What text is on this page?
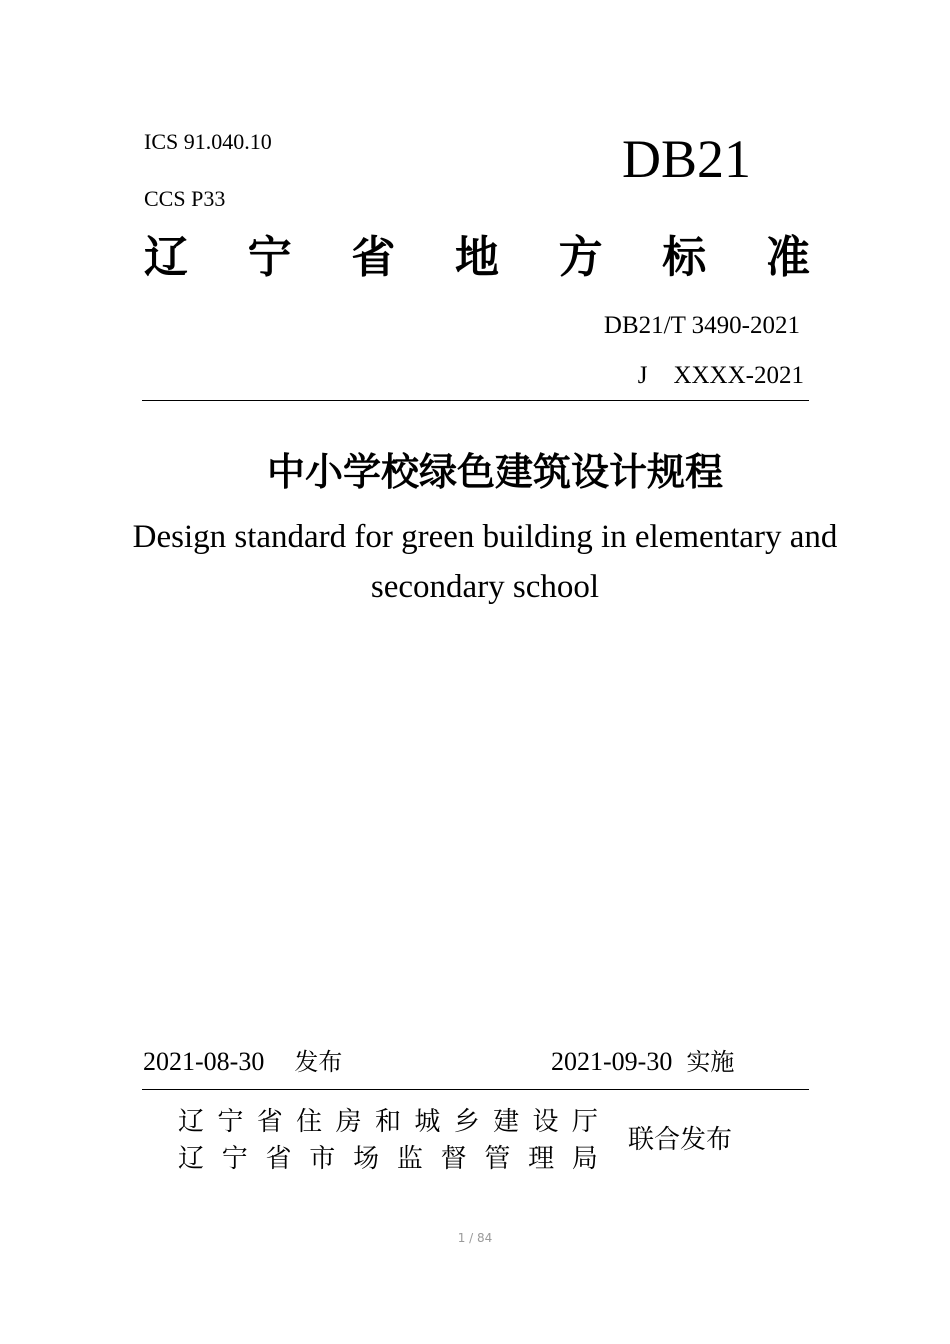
ICS 91.040.10
CCS P33
DB21
辽 宁 省 地 方 标 准
DB21/T 3490-2021
J XXXX-2021
中小学校绿色建筑设计规程
Design standard for green building in elementary and
secondary school
2021-08-30 发布	2021-09-30 实施
辽 宁 省 住 房 和 城 乡 建 设 厅
辽 宁 省 市 场 监 督 管 理 局
联合发布
1 / 84
